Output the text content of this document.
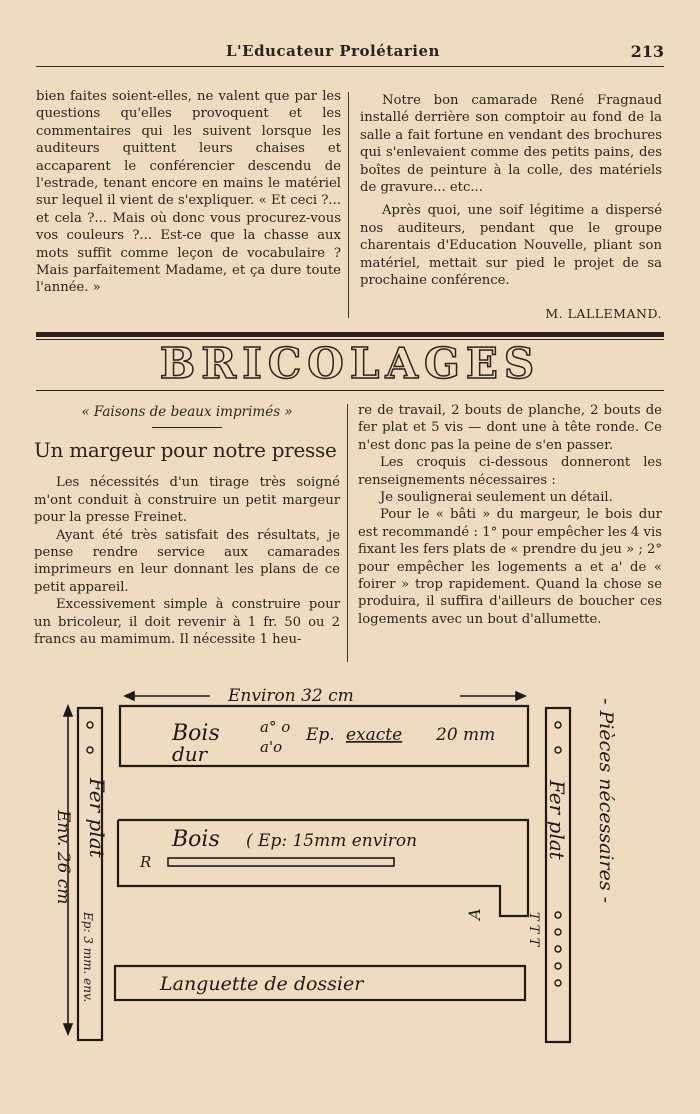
L'Educateur Prolétarien	213

bien faites soient-elles, ne valent que par les questions qu'elles provoquent et les commentaires qui les suivent lorsque les auditeurs quittent leurs chaises et accaparent le conférencier descendu de l'estrade, tenant encore en mains le matériel sur lequel il vient de s'expliquer. « Et ceci ?... et cela ?... Mais où donc vous procurez-vous vos couleurs ?... Est-ce que la chasse aux mots suffit comme leçon de vocabulaire ? Mais parfaitement Madame, et ça dure toute l'année. »

Notre bon camarade René Fragnaud installé derrière son comptoir au fond de la salle a fait fortune en vendant des brochures qui s'enlevaient comme des petits pains, des boîtes de peinture à la colle, des matériels de gravure... etc...

Après quoi, une soif légitime a dispersé nos auditeurs, pendant que le groupe charentais d'Education Nouvelle, pliant son matériel, mettait sur pied le projet de sa prochaine conférence.

M. LALLEMAND.

BRICOLAGES

« Faisons de beaux imprimés »

Un margeur pour notre presse

Les nécessités d'un tirage très soigné m'ont conduit à construire un petit margeur pour la presse Freinet.

Ayant été très satisfait des résultats, je pense rendre service aux camarades imprimeurs en leur donnant les plans de ce petit appareil.

Excessivement simple à construire pour un bricoleur, il doit revenir à 1 fr. 50 ou 2 francs au mamimum. Il nécessite 1 heu-

re de travail, 2 bouts de planche, 2 bouts de fer plat et 5 vis — dont une à tête ronde. Ce n'est donc pas la peine de s'en passer.

Les croquis ci-dessous donneront les renseignements nécessaires :

Je soulignerai seulement un détail.

Pour le « bâti » du margeur, le bois dur est recommandé : 1° pour empêcher les 4 vis fixant les fers plats de « prendre du jeu » ; 2° pour empêcher les logements a et a' de « foirer » trop rapidement. Quand la chose se produira, il suffira d'ailleurs de boucher ces logements avec un bout d'allumette.

Environ 32 cm
Bois
dur
a° o
a'o
Ep. exacte 20 mm
Bois ( Ep: 15mm environ
R
A
Languette de dossier
Fer plat
Ep: 3 mm. env.
Env. 26 cm	Fer plat
T T T
- Pièces nécessaires -
